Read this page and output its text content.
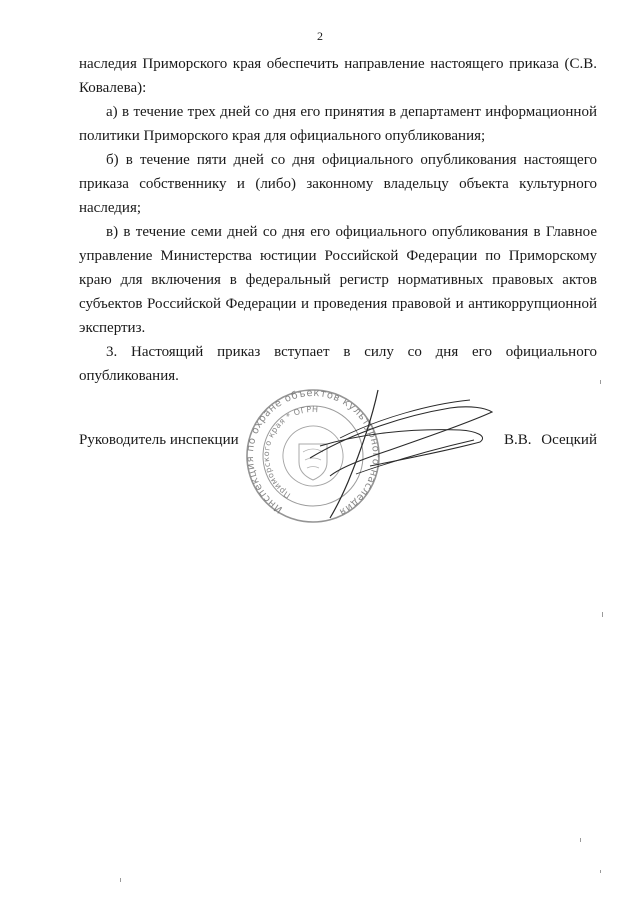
2

наследия Приморского края обеспечить направление настоящего приказа (С.В. Ковалева):

а) в течение трех дней со дня его принятия в департамент информационной политики Приморского края для официального опубликования;

б) в течение пяти дней со дня официального опубликования настоящего приказа собственнику и (либо) законному владельцу объекта культурного наследия;

в) в течение семи дней со дня его официального опубликования в Главное управление Министерства юстиции Российской Федерации по Приморскому краю для включения в федеральный регистр нормативных правовых актов субъектов Российской Федерации и проведения правовой и антикоррупционной экспертиз.

3. Настоящий приказ вступает в силу со дня его официального опубликования.

Инспекция по охране объектов культурного наследия
Приморского края * ОГРН
Руководитель инспекции	В.В. Осецкий
